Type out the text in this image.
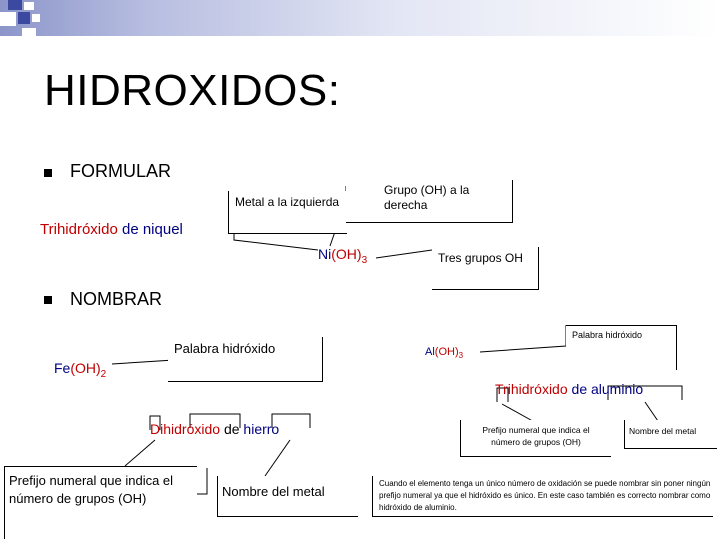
HIDROXIDOS:
FORMULAR
NOMBRAR
Trihidróxido de niquel
Metal a la izquierda
Grupo (OH) a la derecha
$Ni(OH)_3$	Tres grupos OH
$Fe(OH)_2$
Palabra hidróxido
Dihidróxido de hierro
Prefijo numeral que indica el número de grupos (OH)	Nombre del metal
Palabra hidróxido
$Al(OH)_3$
Trihidróxido de aluminio
Prefijo numeral que indica el número de grupos (OH)
Nombre del metal
Cuando el elemento tenga un único número de oxidación se puede nombrar sin poner ningún prefijo numeral ya que el hidróxido es único. En este caso también es correcto nombrar como hidróxido de aluminio.
